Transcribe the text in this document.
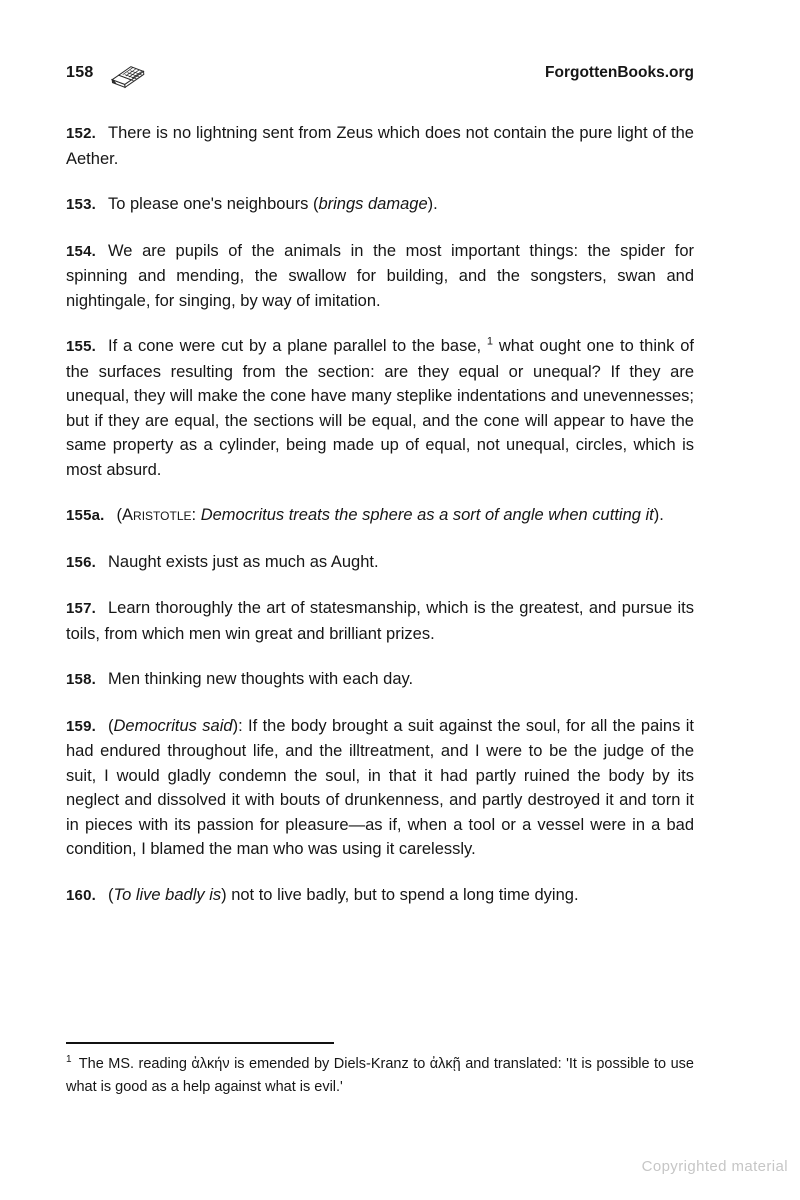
158	ForgottenBooks.org

152. There is no lightning sent from Zeus which does not contain the pure light of the Aether.

153. To please one's neighbours (brings damage).

154. We are pupils of the animals in the most important things: the spider for spinning and mending, the swallow for building, and the songsters, swan and nightingale, for singing, by way of imitation.

155. If a cone were cut by a plane parallel to the base, $^1$ what ought one to think of the surfaces resulting from the section: are they equal or unequal? If they are unequal, they will make the cone have many steplike indentations and unevennesses; but if they are equal, the sections will be equal, and the cone will appear to have the same property as a cylinder, being made up of equal, not unequal, circles, which is most absurd.

155a. (Aristotle: Democritus treats the sphere as a sort of angle when cutting it).

156. Naught exists just as much as Aught.

157. Learn thoroughly the art of statesmanship, which is the greatest, and pursue its toils, from which men win great and brilliant prizes.

158. Men thinking new thoughts with each day.

159. (Democritus said): If the body brought a suit against the soul, for all the pains it had endured throughout life, and the illtreatment, and I were to be the judge of the suit, I would gladly condemn the soul, in that it had partly ruined the body by its neglect and dissolved it with bouts of drunkenness, and partly destroyed it and torn it in pieces with its passion for pleasure—as if, when a tool or a vessel were in a bad condition, I blamed the man who was using it carelessly.

160. (To live badly is) not to live badly, but to spend a long time dying.

$^1$ The MS. reading ἀλκήν is emended by Diels-Kranz to ἀλκῇ and translated: 'It is possible to use what is good as a help against what is evil.'

Copyrighted material
